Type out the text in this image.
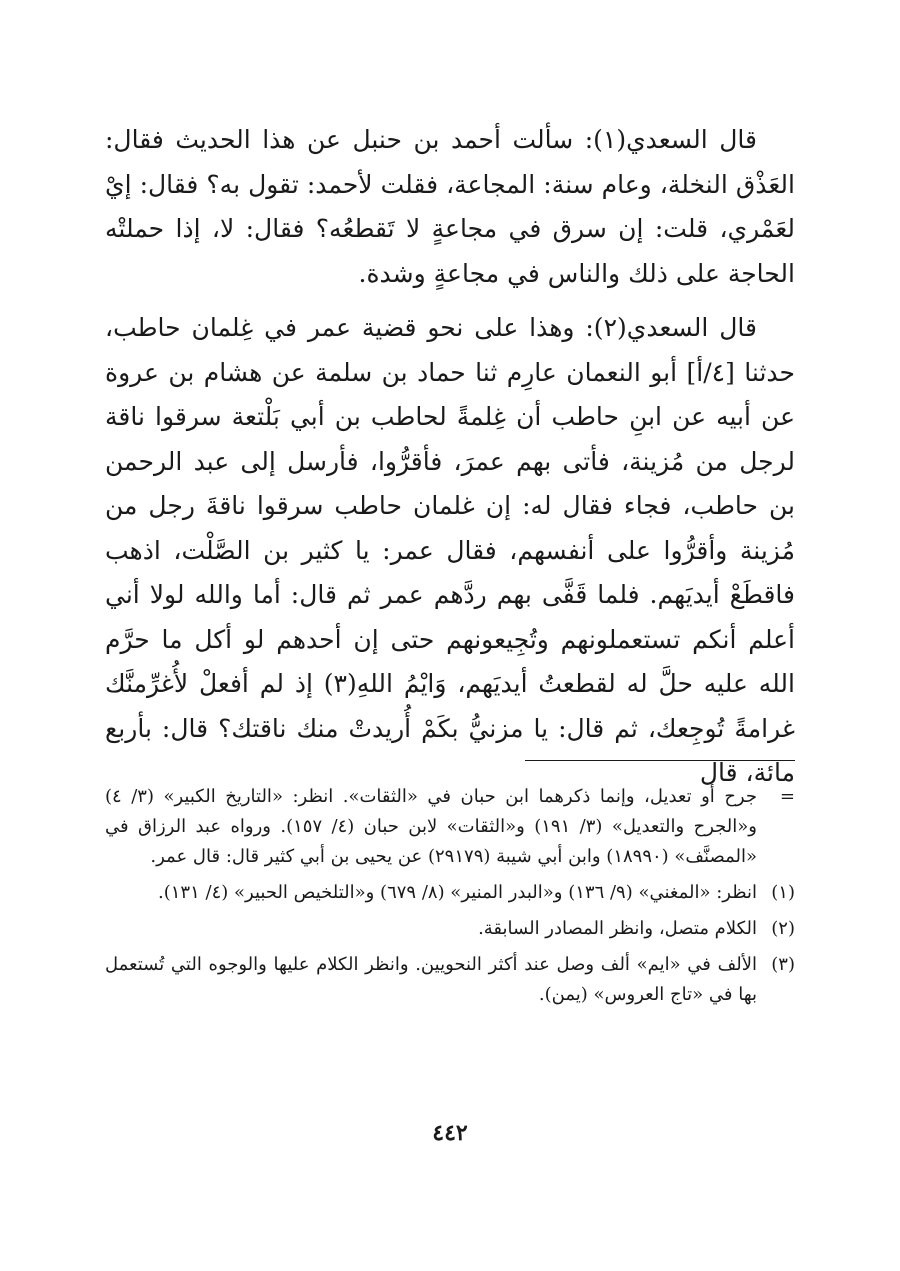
قال السعدي(١): سألت أحمد بن حنبل عن هذا الحديث فقال: العَذْق النخلة، وعام سنة: المجاعة، فقلت لأحمد: تقول به؟ فقال: إيْ لعَمْري، قلت: إن سرق في مجاعةٍ لا تَقطعُه؟ فقال: لا، إذا حملتْه الحاجة على ذلك والناس في مجاعةٍ وشدة.

قال السعدي(٢): وهذا على نحو قضية عمر في غِلمان حاطب، حدثنا [٤/أ] أبو النعمان عارِم ثنا حماد بن سلمة عن هشام بن عروة عن أبيه عن ابنِ حاطب أن غِلمةً لحاطب بن أبي بَلْتعة سرقوا ناقة لرجل من مُزينة، فأتى بهم عمرَ، فأقرُّوا، فأرسل إلى عبد الرحمن بن حاطب، فجاء فقال له: إن غلمان حاطب سرقوا ناقةَ رجل من مُزينة وأقرُّوا على أنفسهم، فقال عمر: يا كثير بن الصَّلْت، اذهب فاقطَعْ أيديَهم. فلما قَفَّى بهم ردَّهم عمر ثم قال: أما والله لولا أني أعلم أنكم تستعملونهم وتُجِيعونهم حتى إن أحدهم لو أكل ما حرَّم الله عليه حلَّ له لقطعتُ أيديَهم، وَايْمُ اللهِ(٣) إذ لم أفعلْ لأُغرِّمنَّك غرامةً تُوجِعك، ثم قال: يا مزنيُّ بكَمْ أُريدتْ منك ناقتك؟ قال: بأربع مائة، قال

=
جرح أو تعديل، وإنما ذكرهما ابن حبان في «الثقات». انظر: «التاريخ الكبير» (٣/ ٤) و«الجرح والتعديل» (٣/ ١٩١) و«الثقات» لابن حبان (٤/ ١٥٧). ورواه عبد الرزاق في «المصنَّف» (١٨٩٩٠) وابن أبي شيبة (٢٩١٧٩) عن يحيى بن أبي كثير قال: قال عمر.
(١)
انظر: «المغني» (٩/ ١٣٦) و«البدر المنير» (٨/ ٦٧٩) و«التلخيص الحبير» (٤/ ١٣١).
(٢)
الكلام متصل، وانظر المصادر السابقة.
(٣)
الألف في «ايم» ألف وصل عند أكثر النحويين. وانظر الكلام عليها والوجوه التي تُستعمل بها في «تاج العروس» (يمن).
٤٤٢
